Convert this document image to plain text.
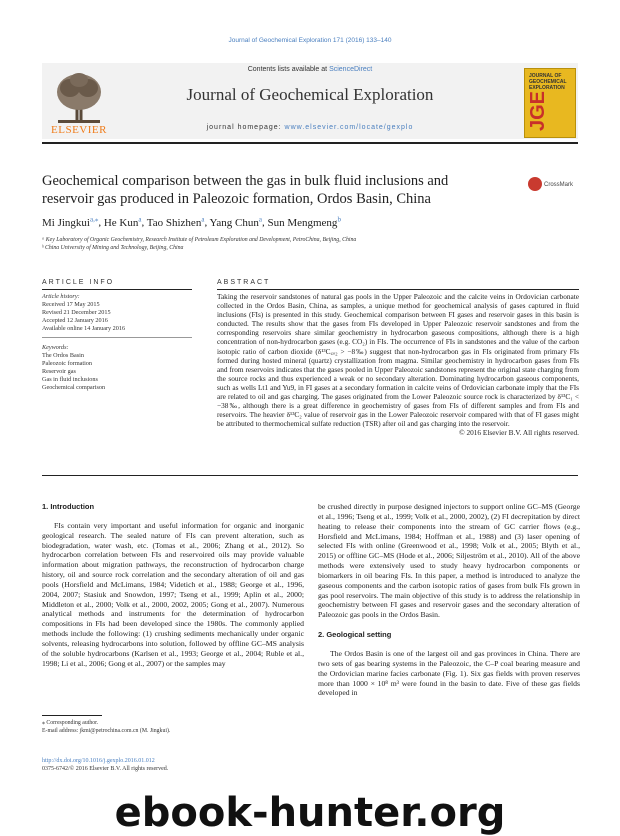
Journal of Geochemical Exploration 171 (2016) 133–140
ELSEVIER
Contents lists available at ScienceDirect
Journal of Geochemical Exploration
journal homepage: www.elsevier.com/locate/gexplo
JOURNAL OF GEOCHEMICAL EXPLORATION
JGE
Geochemical comparison between the gas in bulk fluid inclusions and reservoir gas produced in Paleozoic formation, Ordos Basin, China
CrossMark
Mi Jingkui$^{a,⁎}$, He Kun$^a$, Tao Shizhen$^a$, Yang Chun$^a$, Sun Mengmeng$^b$
ᵃ Key Laboratory of Organic Geochemistry, Research Institute of Petroleum Exploration and Development, PetroChina, Beijing, China
ᵇ China University of Mining and Technology, Beijing, China
ARTICLE INFO	ABSTRACT
Article history:
Received 17 May 2015
Revised 21 December 2015
Accepted 12 January 2016
Available online 14 January 2016
Keywords:
The Ordos Basin
Paleozoic formation
Reservoir gas
Gas in fluid inclusions
Geochemical comparison
Taking the reservoir sandstones of natural gas pools in the Upper Paleozoic and the calcite veins in Ordovician carbonate collected in the Ordos Basin, China, as samples, a unique method for geochemical analysis of gases captured in fluid inclusions (FIs) is presented in this study. Geochemical comparison between FI gases and reservoir gases in this basin is conducted. The results show that the gases from FIs developed in Upper Paleozoic reservoir sandstones and from the corresponding reservoirs share similar geochemistry in hydrocarbon gaseous compositions, although there is a high concentration of non-hydrocarbon gases (e.g. CO₂) in FIs. The occurrence of FIs in sandstones and the value of the carbon isotopic ratio of carbon dioxide (δ¹³C꜀ₒ₂ > −8‰) suggest that non-hydrocarbon gas in FIs originated from primary FIs formed during hosted mineral (quartz) crystallization from magma. Similar geochemistry in hydrocarbon gases from FIs and from reservoirs indicates that the gases pooled in Upper Paleozoic sandstones represent the original state charging from the source rocks and thus experienced a weak or no secondary alteration. Dominating hydrocarbon gaseous components, such as wells Lt1 and Yu9, in FI gases at a secondary formation in calcite veins of Ordovician carbonate imply that the FIs are related to oil and gas charging. The gases originated from the Lower Paleozoic source rock is characterized by δ¹³C₁ < −38‰, although there is a great difference in geochemistry of gases from FIs of different samples and from FIs and reservoirs. The heavier δ¹³C₂ value of reservoir gas in the Lower Paleozoic reservoir compared with that of FI gases might be attributed to thermochemical sulfate reduction (TSR) after oil and gas charging into the reservoir.
© 2016 Elsevier B.V. All rights reserved.
1. Introduction
FIs contain very important and useful information for organic and inorganic geological research. The sealed nature of FIs can prevent alteration, such as biodegradation, water wash, etc. (Tomas et al., 2006; Zhang et al., 2012). So hydrocarbon correlation between FIs and reservoired oils may provide valuable information about migration pathways, the reconstruction of hydrocarbon charge history, oil and source rock correlation and the secondary alteration of oil and gas pools (Horsfield and McLimans, 1984; Videtich et al., 1988; George et al., 1996, 2004, 2007; Stasiuk and Snowdon, 1997; Tseng et al., 1999; Aplin et al., 2000; Middleton et al., 2000; Volk et al., 2000, 2002, 2005; Gong et al., 2007). Numerous analytical methods and instruments for the determination of hydrocarbon compositions in FIs had been developed since the 1980s. The commonly applied methods include the following: (1) crushing sediments mechanically under organic solvents, releasing hydrocarbons into solution, followed by offline GC–MS analysis of the soluble hydrocarbons (Karlsen et al., 1993; George et al., 2004; Ruble et al., 1998; Li et al., 2006; Gong et al., 2007) or the samples may
be crushed directly in purpose designed injectors to support online GC–MS (George et al., 1996; Tseng et al., 1999; Volk et al., 2000, 2002), (2) FI decrepitation by direct heating to release their components into the stream of GC carrier flows (e.g., Horsfield and McLimans, 1984; Hoffman et al., 1988) and (3) laser opening of selected FIs with online (Greenwood et al., 1998; Volk et al., 2005; Blyth et al., 2015) or offline GC–MS (Hode et al., 2006; Siljeström et al., 2010). All of the above methods were extensively used to study heavy hydrocarbon components or biomarkers in oil bearing FIs. In this paper, a method is introduced to analyze the gaseous components and the carbon isotopic ratios of gases from bulk FIs grown in gas pool reservoirs. The main objective of this study is to address the relationship in geochemistry between FI gases and reservoir gases and the secondary alteration of Paleozoic gas pools in the Ordos Basin.
2. Geological setting
The Ordos Basin is one of the largest oil and gas provinces in China. There are two sets of gas bearing systems in the Paleozoic, the C–P coal bearing measure and the Ordovician marine facies carbonate (Fig. 1). Six gas fields with proven reserves more than 1000 × 10⁸ m³ were found in the basin to date. Five of these gas fields developed in
⁎ Corresponding author.
E-mail address: jkmi@petrochina.com.cn (M. Jingkui).
http://dx.doi.org/10.1016/j.gexplo.2016.01.012
0375-6742/© 2016 Elsevier B.V. All rights reserved.
ebook-hunter.org
